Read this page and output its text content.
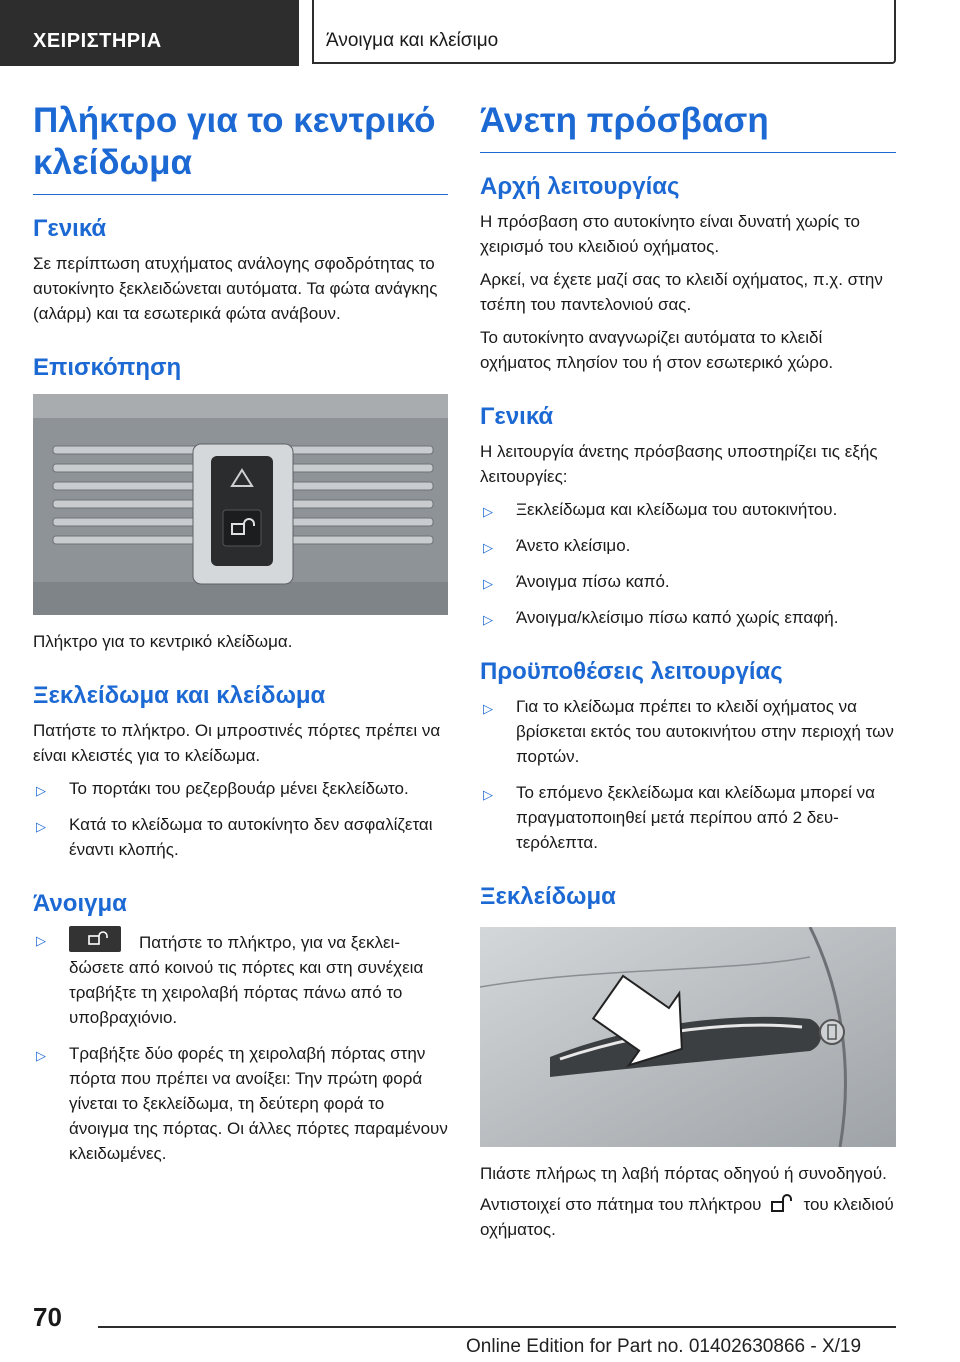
ΧΕΙΡΙΣΤΗΡΙΑ	Άνοιγμα και κλείσιμο
Πλήκτρο για το κεντρικό κλείδωμα
Γενικά

Σε περίπτωση ατυχήματος ανάλογης σφοδρότητας το αυτοκίνητο ξεκλειδώνεται αυτόματα. Τα φώτα ανάγκης (αλάρμ) και τα εσωτερικά φώτα ανάβουν.

Επισκόπηση
Πλήκτρο για το κεντρικό κλείδωμα.
Ξεκλείδωμα και κλείδωμα

Πατήστε το πλήκτρο. Οι μπροστινές πόρτες πρέπει να είναι κλειστές για το κλείδωμα.

▷ Το πορτάκι του ρεζερβουάρ μένει ξεκλείδωτο.
▷ Κατά το κλείδωμα το αυτοκίνητο δεν ασφαλίζεται έναντι κλοπής.
Άνοιγμα
▷	Πατήστε το πλήκτρο, για να ξεκλειδώσετε από κοινού τις πόρτες και στη συνέχεια τραβήξτε τη χειρολαβή πόρτας πάνω από το υποβραχιόνιο.
▷ Τραβήξτε δύο φορές τη χειρολαβή πόρτας στην πόρτα που πρέπει να ανοίξει: Την πρώτη φορά γίνεται το ξεκλείδωμα, τη δεύτερη φορά το άνοιγμα της πόρτας. Οι άλλες πόρτες παραμένουν κλειδωμένες.
Άνετη πρόσβαση
Αρχή λειτουργίας

Η πρόσβαση στο αυτοκίνητο είναι δυνατή χωρίς το χειρισμό του κλειδιού οχήματος.

Αρκεί, να έχετε μαζί σας το κλειδί οχήματος, π.χ. στην τσέπη του παντελονιού σας.

Το αυτοκίνητο αναγνωρίζει αυτόματα το κλειδί οχήματος πλησίον του ή στον εσωτερικό χώρο.

Γενικά

Η λειτουργία άνετης πρόσβασης υποστηρίζει τις εξής λειτουργίες:

▷ Ξεκλείδωμα και κλείδωμα του αυτοκινήτου.
▷ Άνετο κλείσιμο.
▷ Άνοιγμα πίσω καπό.
▷ Άνοιγμα/κλείσιμο πίσω καπό χωρίς επαφή.
Προϋποθέσεις λειτουργίας
▷ Για το κλείδωμα πρέπει το κλειδί οχήματος να βρίσκεται εκτός του αυτοκινήτου στην περιοχή των πορτών.
▷ Το επόμενο ξεκλείδωμα και κλείδωμα μπορεί να πραγματοποιηθεί μετά περίπου από 2 δευτερόλεπτα.
Ξεκλείδωμα
Πιάστε πλήρως τη λαβή πόρτας οδηγού ή συνοδηγού.

Αντιστοιχεί στο πάτημα του πλήκτρου του κλειδιού οχήματος.

70
Online Edition for Part no. 01402630866 - X/19
